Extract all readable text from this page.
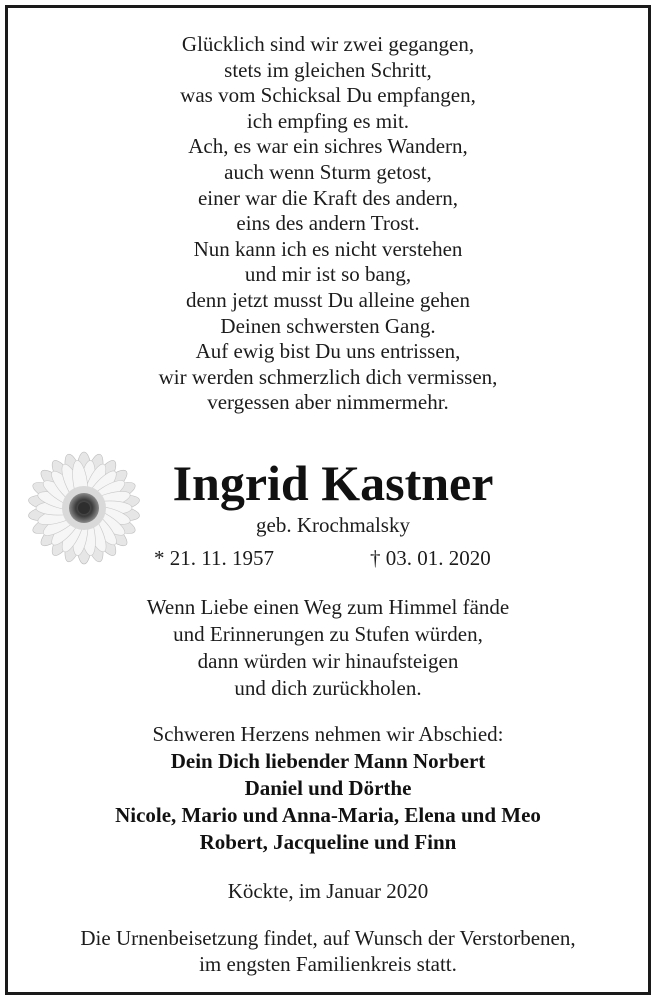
Glücklich sind wir zwei gegangen,
stets im gleichen Schritt,
was vom Schicksal Du empfangen,
ich empfing es mit.
Ach, es war ein sichres Wandern,
auch wenn Sturm getost,
einer war die Kraft des andern,
eins des andern Trost.
Nun kann ich es nicht verstehen
und mir ist so bang,
denn jetzt musst Du alleine gehen
Deinen schwersten Gang.
Auf ewig bist Du uns entrissen,
wir werden schmerzlich dich vermissen,
vergessen aber nimmermehr.
Ingrid Kastner
geb. Krochmalsky
* 21. 11. 1957	† 03. 01. 2020
Wenn Liebe einen Weg zum Himmel fände
und Erinnerungen zu Stufen würden,
dann würden wir hinaufsteigen
und dich zurückholen.
Schweren Herzens nehmen wir Abschied:
Dein Dich liebender Mann Norbert
Daniel und Dörthe
Nicole, Mario und Anna-Maria, Elena und Meo
Robert, Jacqueline und Finn
Köckte, im Januar 2020
Die Urnenbeisetzung findet, auf Wunsch der Verstorbenen,
im engsten Familienkreis statt.
